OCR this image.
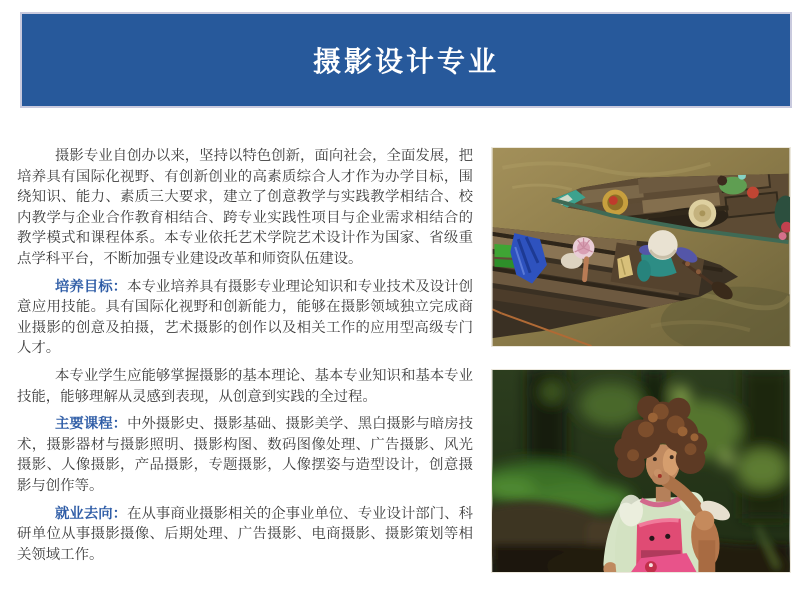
摄影设计专业

摄影专业自创办以来，坚持以特色创新，面向社会，全面发展，把培养具有国际化视野、有创新创业的高素质综合人才作为办学目标，围绕知识、能力、素质三大要求，建立了创意教学与实践教学相结合、校内教学与企业合作教育相结合、跨专业实践性项目与企业需求相结合的教学模式和课程体系。本专业依托艺术学院艺术设计作为国家、省级重点学科平台，不断加强专业建设改革和师资队伍建设。

培养目标：本专业培养具有摄影专业理论知识和专业技术及设计创意应用技能。具有国际化视野和创新能力，能够在摄影领域独立完成商业摄影的创意及拍摄，艺术摄影的创作以及相关工作的应用型高级专门人才。

本专业学生应能够掌握摄影的基本理论、基本专业知识和基本专业技能，能够理解从灵感到表现，从创意到实践的全过程。

主要课程：中外摄影史、摄影基础、摄影美学、黑白摄影与暗房技术，摄影器材与摄影照明、摄影构图、数码图像处理、广告摄影、风光摄影、人像摄影，产品摄影，专题摄影，人像摆姿与造型设计，创意摄影与创作等。

就业去向：在从事商业摄影相关的企事业单位、专业设计部门、科研单位从事摄影摄像、后期处理、广告摄影、电商摄影、摄影策划等相关领域工作。
